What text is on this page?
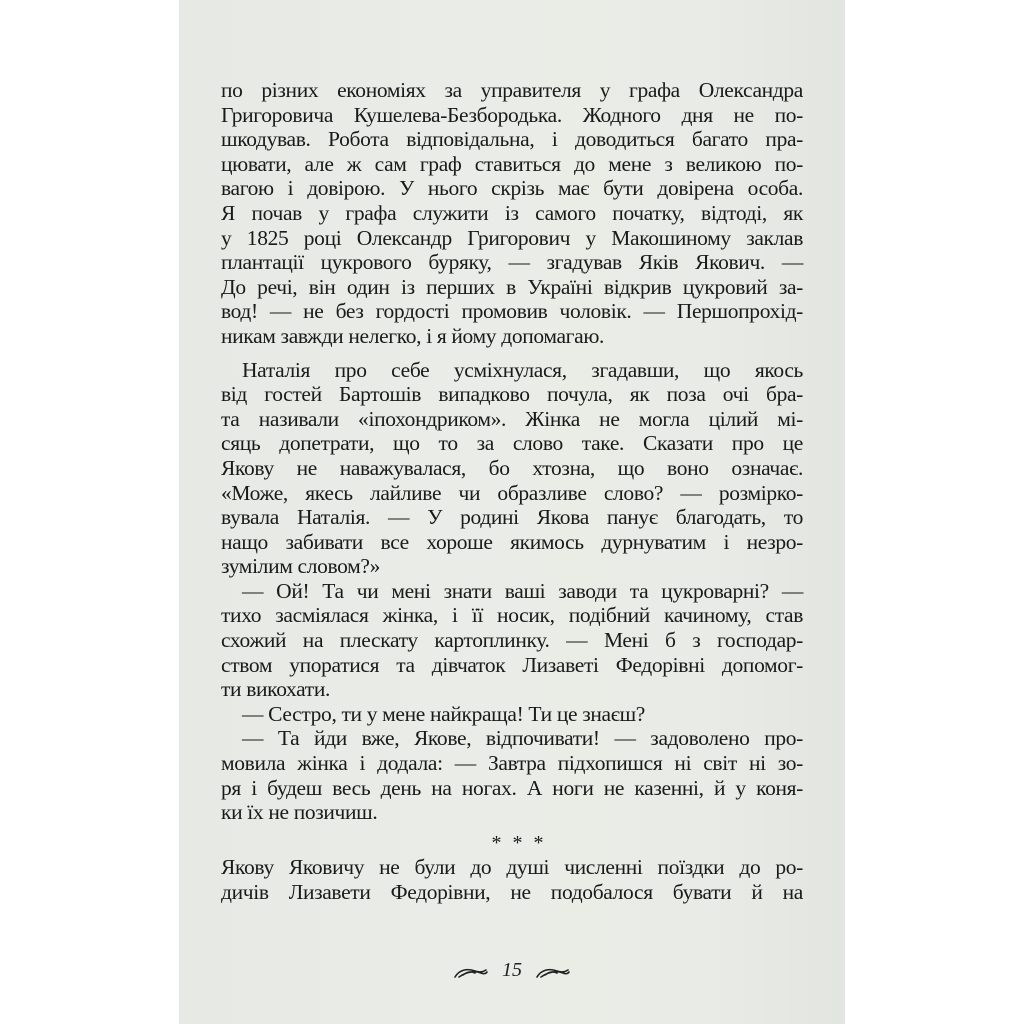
по різних економіях за управителя у графа Олександра
Григоровича Кушелева-Безбородька. Жодного дня не по-
шкодував. Робота відповідальна, і доводиться багато пра-
цювати, але ж сам граф ставиться до мене з великою по-
вагою і довірою. У нього скрізь має бути довірена особа.
Я почав у графа служити із самого початку, відтоді, як
у 1825 році Олександр Григорович у Макошиному заклав
плантації цукрового буряку, — згадував Яків Якович. —
До речі, він один із перших в Україні відкрив цукровий за-
вод! — не без гордості промовив чоловік. — Першопрохід-
никам завжди нелегко, і я йому допомагаю.
Наталія про себе усміхнулася, згадавши, що якось
від гостей Бартошів випадково почула, як поза очі бра-
та називали «іпохондриком». Жінка не могла цілий мі-
сяць допетрати, що то за слово таке. Сказати про це
Якову не наважувалася, бо хтозна, що воно означає.
«Може, якесь лайливе чи образливе слово? — розмірко-
вувала Наталія. — У родині Якова панує благодать, то
нащо забивати все хороше якимось дурнуватим і незро-
зумілим словом?»
— Ой! Та чи мені знати ваші заводи та цукроварні? —
тихо засміялася жінка, і її носик, подібний качиному, став
схожий на плескату картоплинку. — Мені б з господар-
ством упоратися та дівчаток Лизаветі Федорівні допомог-
ти викохати.
— Сестро, ти у мене найкраща! Ти це знаєш?
— Та йди вже, Якове, відпочивати! — задоволено про-
мовила жінка і додала: — Завтра підхопишся ні світ ні зо-
ря і будеш весь день на ногах. А ноги не казенні, й у коня-
ки їх не позичиш.
* * *
Якову Яковичу не були до душі численні поїздки до ро-
дичів Лизавети Федорівни, не подобалося бувати й на
15
